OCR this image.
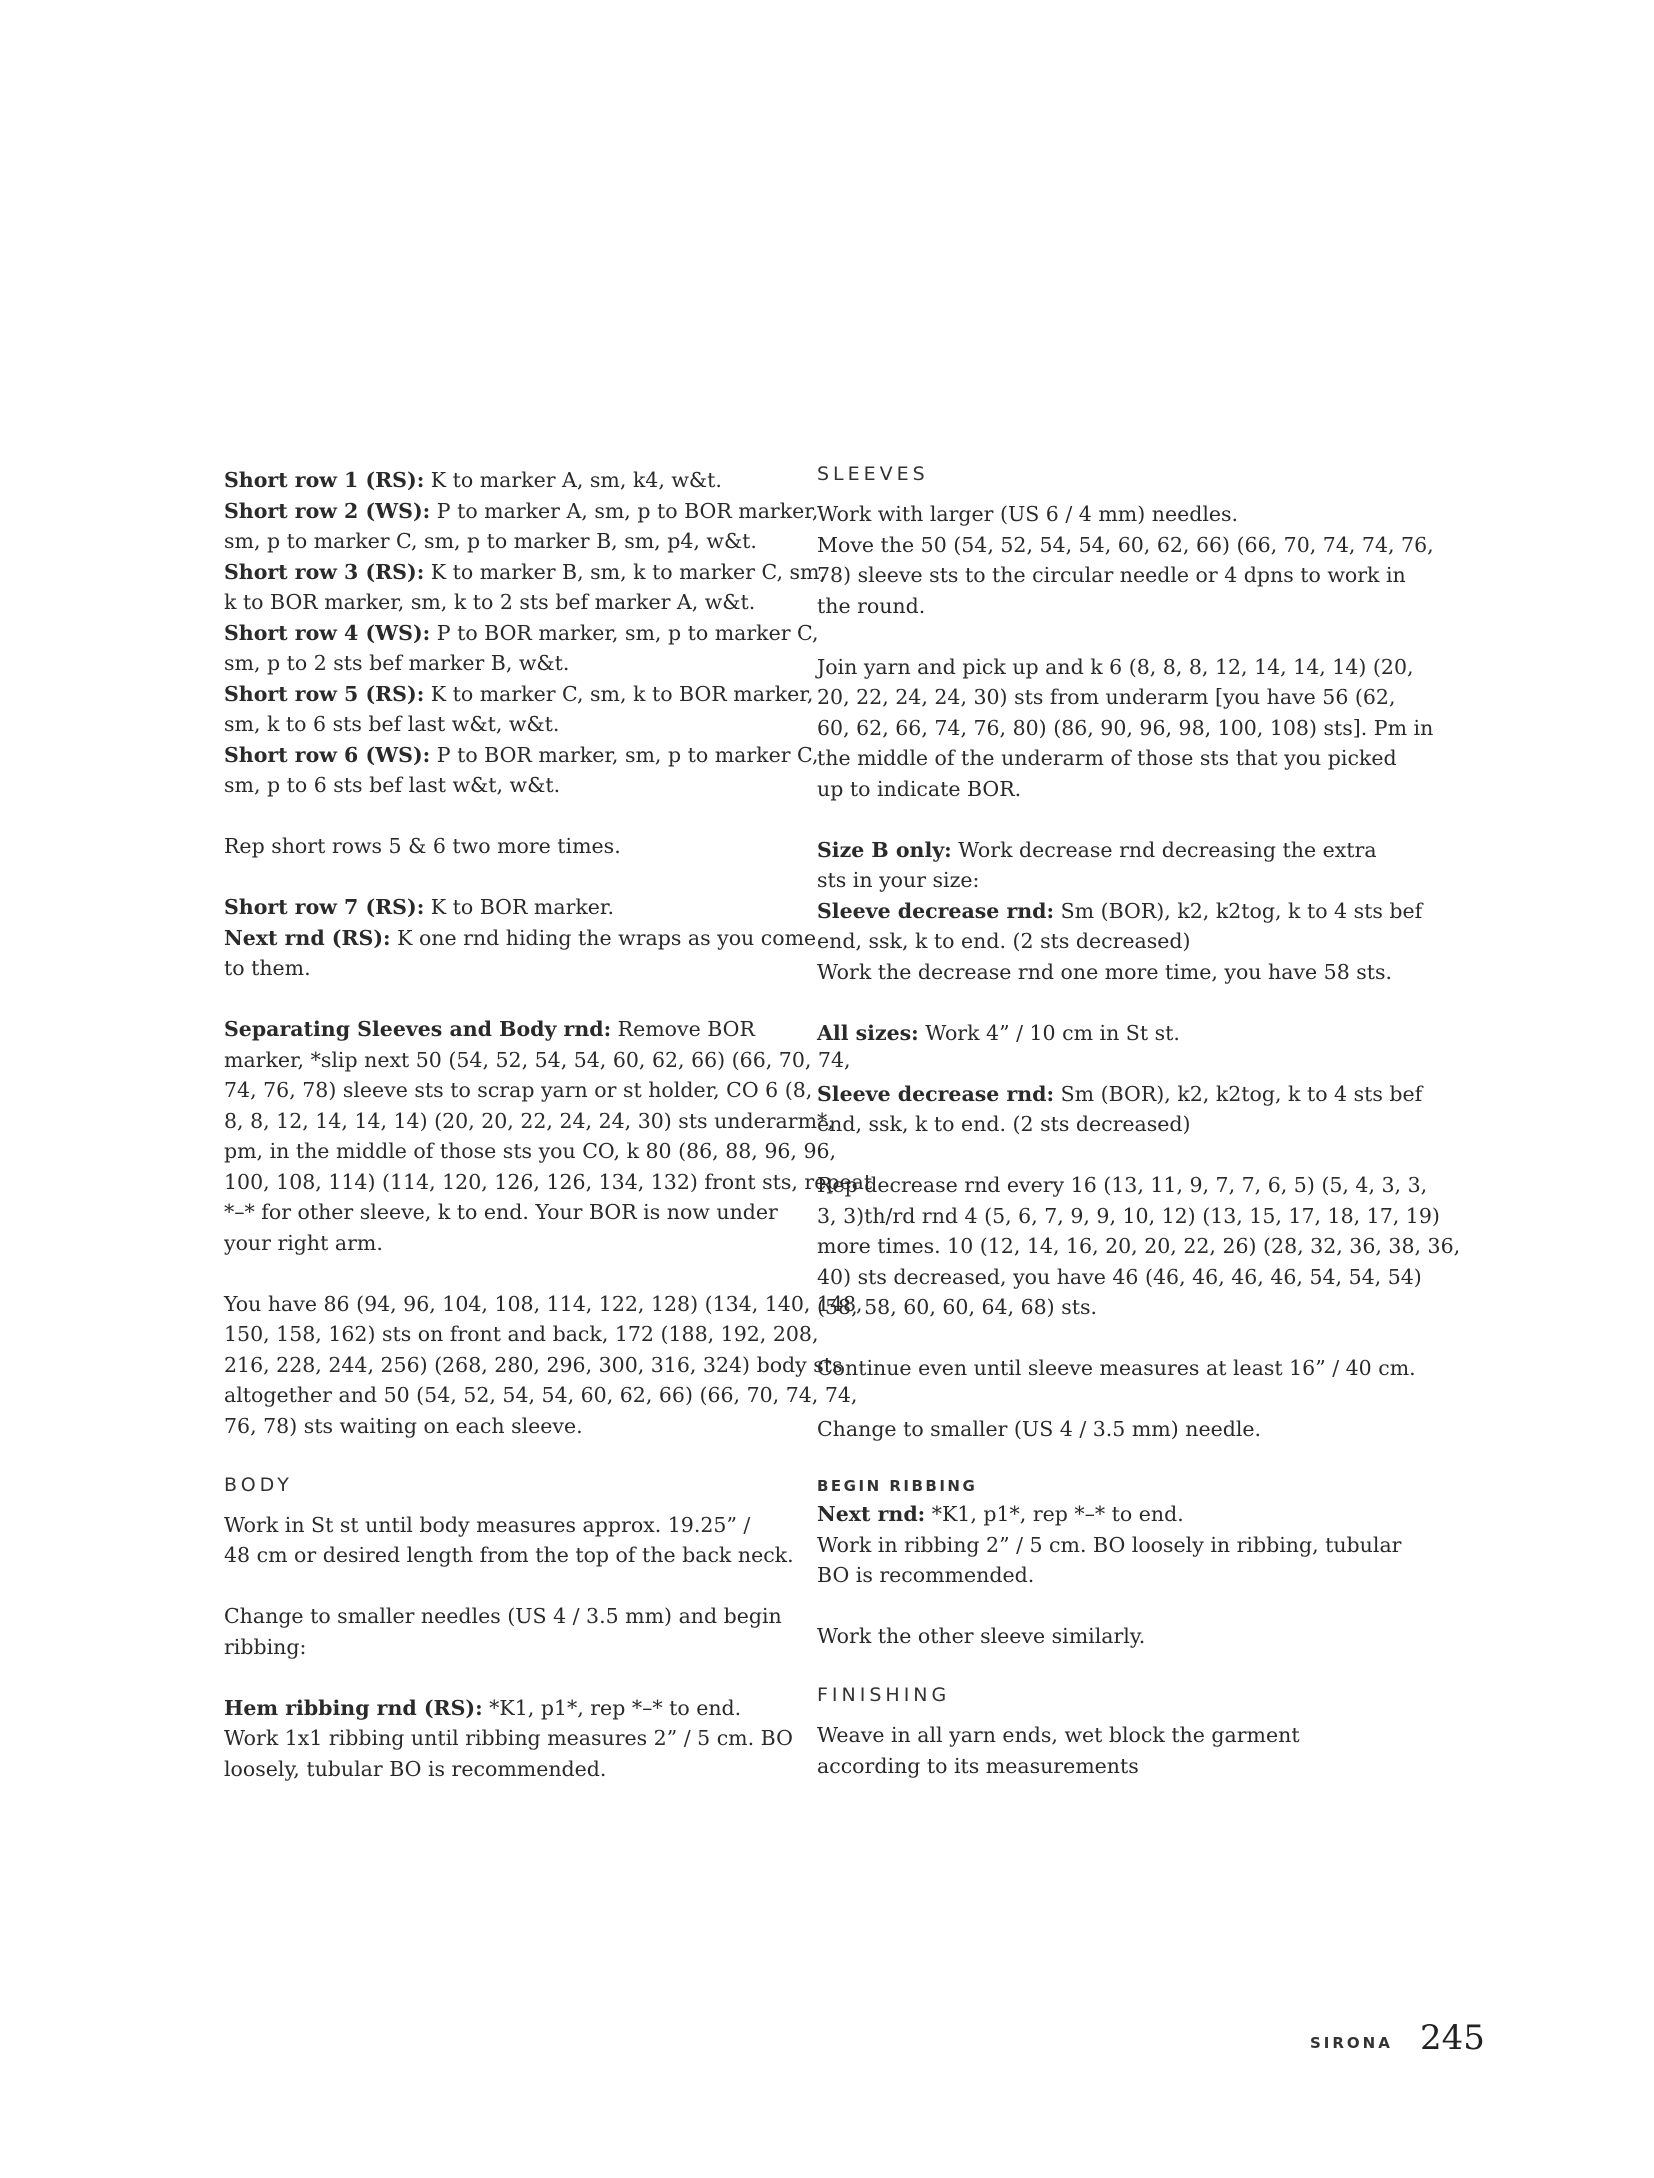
Short row 1 (RS): K to marker A, sm, k4, w&t.
Short row 2 (WS): P to marker A, sm, p to BOR marker,
sm, p to marker C, sm, p to marker B, sm, p4, w&t.
Short row 3 (RS): K to marker B, sm, k to marker C, sm,
k to BOR marker, sm, k to 2 sts bef marker A, w&t.
Short row 4 (WS): P to BOR marker, sm, p to marker C,
sm, p to 2 sts bef marker B, w&t.
Short row 5 (RS): K to marker C, sm, k to BOR marker,
sm, k to 6 sts bef last w&t, w&t.
Short row 6 (WS): P to BOR marker, sm, p to marker C,
sm, p to 6 sts bef last w&t, w&t.
Rep short rows 5 & 6 two more times.
Short row 7 (RS): K to BOR marker.
Next rnd (RS): K one rnd hiding the wraps as you come
to them.
Separating Sleeves and Body rnd: Remove BOR
marker, *slip next 50 (54, 52, 54, 54, 60, 62, 66) (66, 70, 74,
74, 76, 78) sleeve sts to scrap yarn or st holder, CO 6 (8,
8, 8, 12, 14, 14, 14) (20, 20, 22, 24, 24, 30) sts underarm*,
pm, in the middle of those sts you CO, k 80 (86, 88, 96, 96,
100, 108, 114) (114, 120, 126, 126, 134, 132) front sts, repeat
*–* for other sleeve, k to end. Your BOR is now under
your right arm.
You have 86 (94, 96, 104, 108, 114, 122, 128) (134, 140, 148,
150, 158, 162) sts on front and back, 172 (188, 192, 208,
216, 228, 244, 256) (268, 280, 296, 300, 316, 324) body sts
altogether and 50 (54, 52, 54, 54, 60, 62, 66) (66, 70, 74, 74,
76, 78) sts waiting on each sleeve.
BODY
Work in St st until body measures approx. 19.25” /
48 cm or desired length from the top of the back neck.
Change to smaller needles (US 4 / 3.5 mm) and begin
ribbing:
Hem ribbing rnd (RS): *K1, p1*, rep *–* to end.
Work 1x1 ribbing until ribbing measures 2” / 5 cm. BO
loosely, tubular BO is recommended.
SLEEVES
Work with larger (US 6 / 4 mm) needles.
Move the 50 (54, 52, 54, 54, 60, 62, 66) (66, 70, 74, 74, 76,
78) sleeve sts to the circular needle or 4 dpns to work in
the round.
Join yarn and pick up and k 6 (8, 8, 8, 12, 14, 14, 14) (20,
20, 22, 24, 24, 30) sts from underarm [you have 56 (62,
60, 62, 66, 74, 76, 80) (86, 90, 96, 98, 100, 108) sts]. Pm in
the middle of the underarm of those sts that you picked
up to indicate BOR.
Size B only: Work decrease rnd decreasing the extra
sts in your size:
Sleeve decrease rnd: Sm (BOR), k2, k2tog, k to 4 sts bef
end, ssk, k to end. (2 sts decreased)
Work the decrease rnd one more time, you have 58 sts.
All sizes: Work 4” / 10 cm in St st.
Sleeve decrease rnd: Sm (BOR), k2, k2tog, k to 4 sts bef
end, ssk, k to end. (2 sts decreased)
Rep decrease rnd every 16 (13, 11, 9, 7, 7, 6, 5) (5, 4, 3, 3,
3, 3)th/rd rnd 4 (5, 6, 7, 9, 9, 10, 12) (13, 15, 17, 18, 17, 19)
more times. 10 (12, 14, 16, 20, 20, 22, 26) (28, 32, 36, 38, 36,
40) sts decreased, you have 46 (46, 46, 46, 46, 54, 54, 54)
(58, 58, 60, 60, 64, 68) sts.
Continue even until sleeve measures at least 16” / 40 cm.
Change to smaller (US 4 / 3.5 mm) needle.
BEGIN RIBBING
Next rnd: *K1, p1*, rep *–* to end.
Work in ribbing 2” / 5 cm. BO loosely in ribbing, tubular
BO is recommended.
Work the other sleeve similarly.
FINISHING
Weave in all yarn ends, wet block the garment
according to its measurements
SIRONA 245
